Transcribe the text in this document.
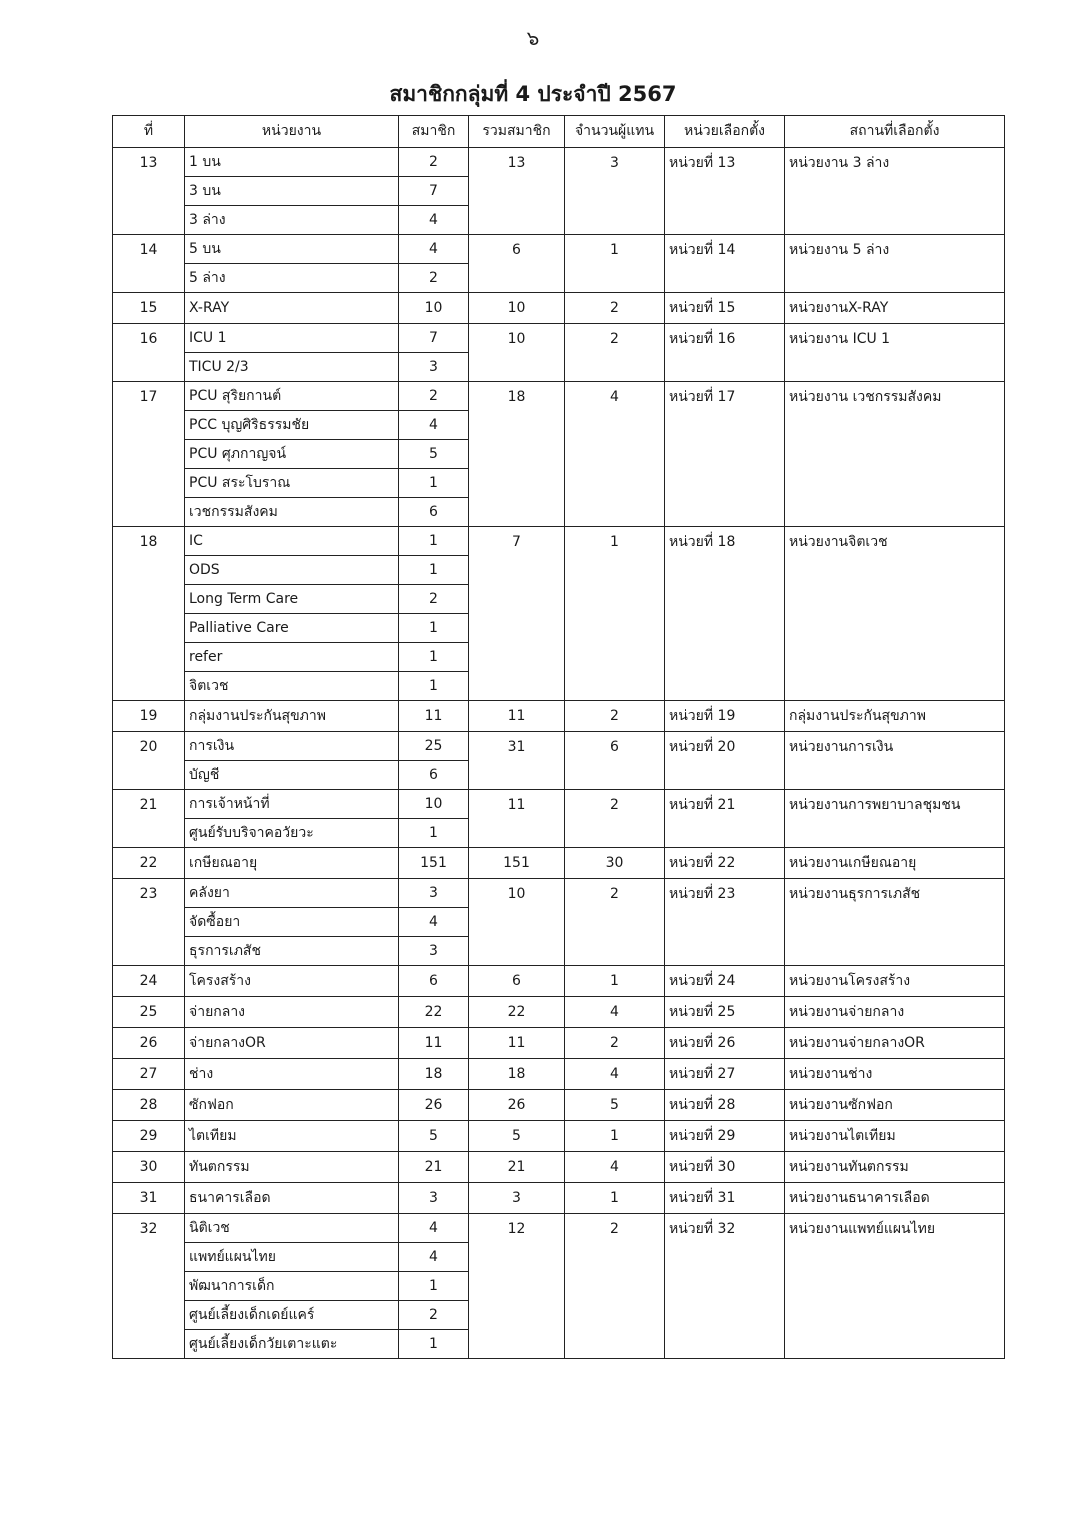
๖
สมาชิกกลุ่มที่ 4 ประจำปี 2567
ที่	หน่วยงาน	สมาชิก	รวมสมาชิก	จำนวนผู้แทน	หน่วยเลือกตั้ง	สถานที่เลือกตั้ง
13	1 บน	2	13	3	หน่วยที่ 13	หน่วยงาน 3 ล่าง
	3 บน	7				
	3 ล่าง	4				
14	5 บน	4	6	1	หน่วยที่ 14	หน่วยงาน 5 ล่าง
	5 ล่าง	2				
15	X-RAY	10	10	2	หน่วยที่ 15	หน่วยงานX-RAY
16	ICU 1	7	10	2	หน่วยที่ 16	หน่วยงาน ICU 1
	TICU 2/3	3				
17	PCU สุริยกานต์	2	18	4	หน่วยที่ 17	หน่วยงาน เวชกรรมสังคม
	PCC บุญศิริธรรมชัย	4				
	PCU ศุภกาญจน์	5				
	PCU สระโบราณ	1				
	เวชกรรมสังคม	6				
18	IC	1	7	1	หน่วยที่ 18	หน่วยงานจิตเวช
	ODS	1				
	Long Term Care	2				
	Palliative Care	1				
	refer	1				
	จิตเวช	1				
19	กลุ่มงานประกันสุขภาพ	11	11	2	หน่วยที่ 19	กลุ่มงานประกันสุขภาพ
20	การเงิน	25	31	6	หน่วยที่ 20	หน่วยงานการเงิน
	บัญชี	6				
21	การเจ้าหน้าที่	10	11	2	หน่วยที่ 21	หน่วยงานการพยาบาลชุมชน
	ศูนย์รับบริจาคอวัยวะ	1				
22	เกษียณอายุ	151	151	30	หน่วยที่ 22	หน่วยงานเกษียณอายุ
23	คลังยา	3	10	2	หน่วยที่ 23	หน่วยงานธุรการเภสัช
	จัดซื้อยา	4				
	ธุรการเภสัช	3				
24	โครงสร้าง	6	6	1	หน่วยที่ 24	หน่วยงานโครงสร้าง
25	จ่ายกลาง	22	22	4	หน่วยที่ 25	หน่วยงานจ่ายกลาง
26	จ่ายกลางOR	11	11	2	หน่วยที่ 26	หน่วยงานจ่ายกลางOR
27	ช่าง	18	18	4	หน่วยที่ 27	หน่วยงานช่าง
28	ซักฟอก	26	26	5	หน่วยที่ 28	หน่วยงานซักฟอก
29	ไตเทียม	5	5	1	หน่วยที่ 29	หน่วยงานไตเทียม
30	ทันตกรรม	21	21	4	หน่วยที่ 30	หน่วยงานทันตกรรม
31	ธนาคารเลือด	3	3	1	หน่วยที่ 31	หน่วยงานธนาคารเลือด
32	นิติเวช	4	12	2	หน่วยที่ 32	หน่วยงานแพทย์แผนไทย
	แพทย์แผนไทย	4				
	พัฒนาการเด็ก	1				
	ศูนย์เลี้ยงเด็กเดย์แคร์	2				
	ศูนย์เลี้ยงเด็กวัยเตาะแตะ	1				
